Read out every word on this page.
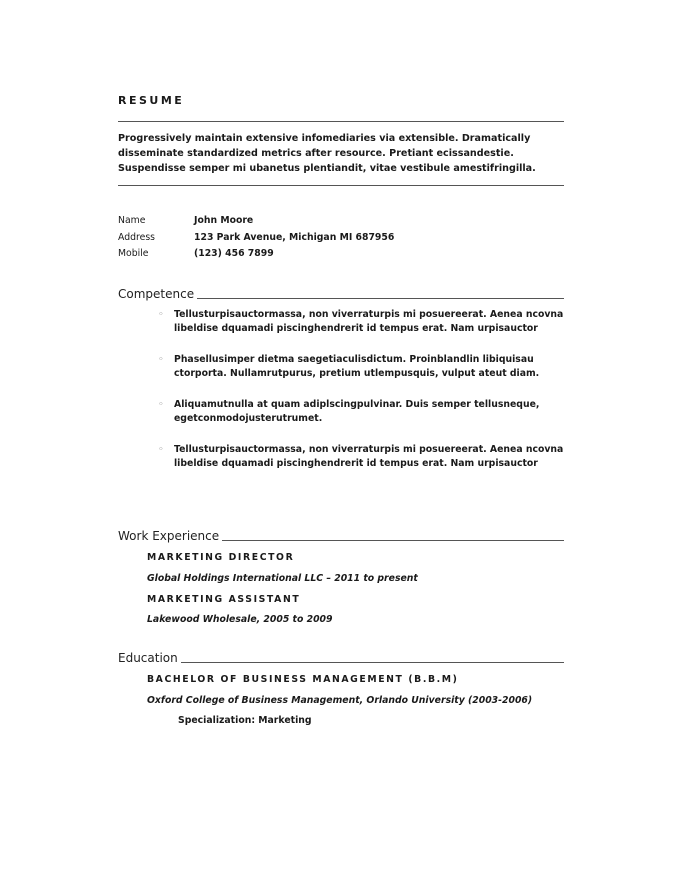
RESUME
Progressively maintain extensive infomediaries via extensible. Dramatically disseminate standardized metrics after resource. Pretiant ecissandestie. Suspendisse semper mi ubanetus plentiandit, vitae vestibule amestifringilla.
Name	John Moore
Address	123 Park Avenue, Michigan MI 687956
Mobile	(123) 456 7899
Competence
◦ Tellusturpisauctormassa, non viverraturpis mi posuereerat. Aenea ncovna libeldise dquamadi piscinghendrerit id tempus erat. Nam urpisauctor
◦ Phasellusimper dietma saegetiaculisdictum. Proinblandlin libiquisau ctorporta. Nullamrutpurus, pretium utlempusquis, vulput ateut diam.
◦ Aliquamutnulla at quam adiplscingpulvinar. Duis semper tellusneque, egetconmodojusterutrumet.
◦ Tellusturpisauctormassa, non viverraturpis mi posuereerat. Aenea ncovna libeldise dquamadi piscinghendrerit id tempus erat. Nam urpisauctor
Work Experience
MARKETING DIRECTOR
Global Holdings International LLC – 2011 to present
MARKETING ASSISTANT
Lakewood Wholesale, 2005 to 2009
Education
BACHELOR OF BUSINESS MANAGEMENT (B.B.M)
Oxford College of Business Management, Orlando University (2003-2006)
Specialization: Marketing
